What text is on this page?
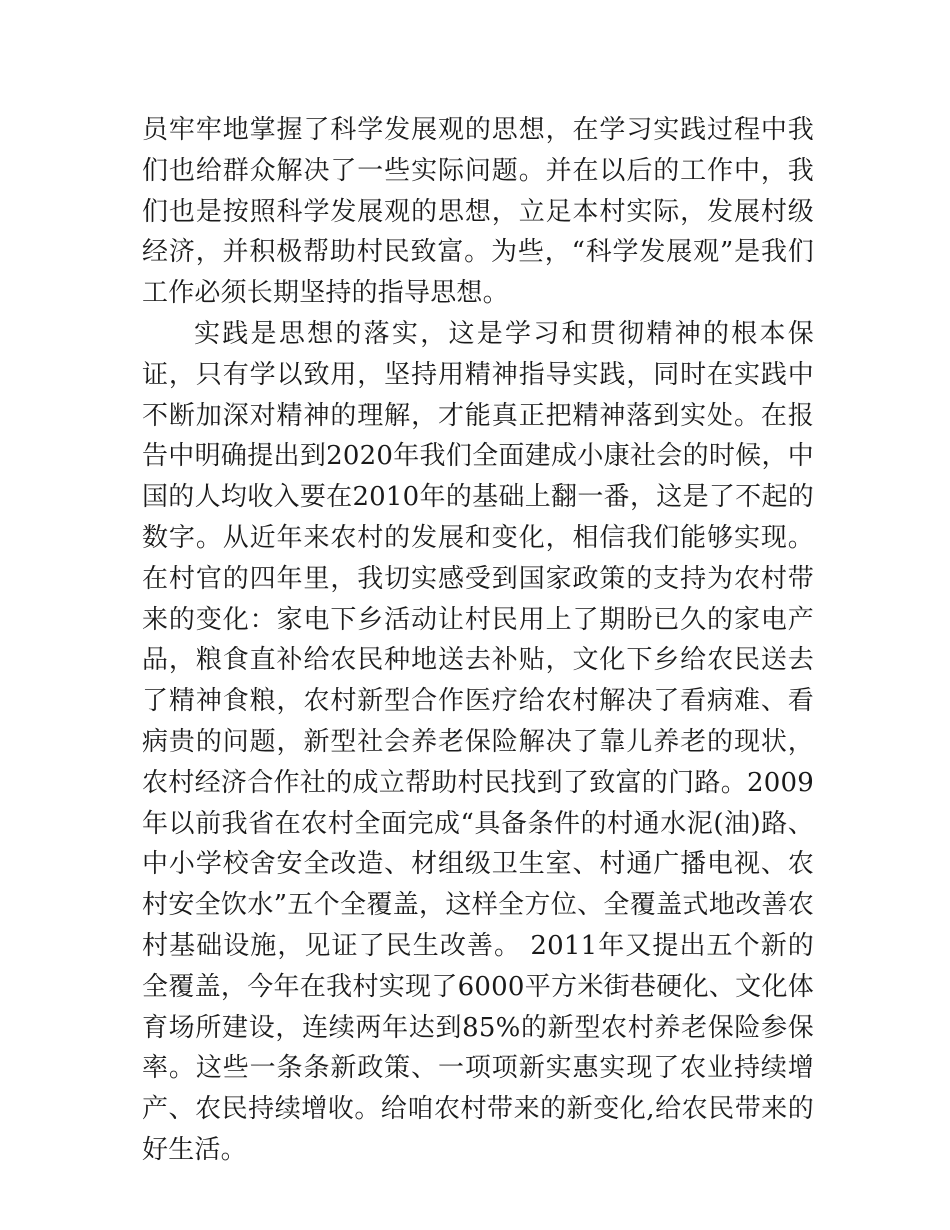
员牢牢地掌握了科学发展观的思想，在学习实践过程中我们也给群众解决了一些实际问题。并在以后的工作中，我们也是按照科学发展观的思想，立足本村实际，发展村级经济，并积极帮助村民致富。为些，“科学发展观”是我们工作必须长期坚持的指导思想。

实践是思想的落实，这是学习和贯彻精神的根本保证，只有学以致用，坚持用精神指导实践，同时在实践中不断加深对精神的理解，才能真正把精神落到实处。在报告中明确提出到2020年我们全面建成小康社会的时候，中国的人均收入要在2010年的基础上翻一番，这是了不起的数字。从近年来农村的发展和变化，相信我们能够实现。在村官的四年里，我切实感受到国家政策的支持为农村带来的变化：家电下乡活动让村民用上了期盼已久的家电产品，粮食直补给农民种地送去补贴，文化下乡给农民送去了精神食粮，农村新型合作医疗给农村解决了看病难、看病贵的问题，新型社会养老保险解决了靠儿养老的现状，农村经济合作社的成立帮助村民找到了致富的门路。2009年以前我省在农村全面完成“具备条件的村通水泥(油)路、中小学校舍安全改造、材组级卫生室、村通广播电视、农村安全饮水”五个全覆盖，这样全方位、全覆盖式地改善农村基础设施，见证了民生改善。 2011年又提出五个新的全覆盖，今年在我村实现了6000平方米街巷硬化、文化体育场所建设，连续两年达到85%的新型农村养老保险参保率。这些一条条新政策、一项项新实惠实现了农业持续增产、农民持续增收。给咱农村带来的新变化,给农民带来的好生活。
